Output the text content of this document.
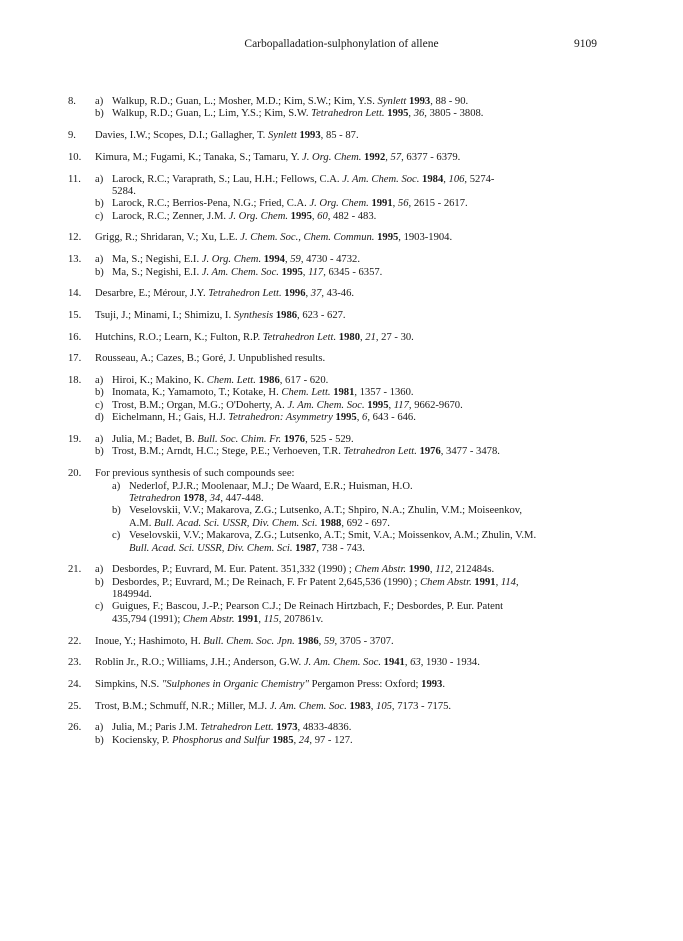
Carbopalladation-sulphonylation of allene	9109
8.	a) Walkup, R.D.; Guan, L.; Mosher, M.D.; Kim, S.W.; Kim, Y.S. Synlett 1993, 88 - 90.
b) Walkup, R.D.; Guan, L.; Lim, Y.S.; Kim, S.W. Tetrahedron Lett. 1995, 36, 3805 - 3808.
9.	Davies, I.W.; Scopes, D.I.; Gallagher, T. Synlett 1993, 85 - 87.
10.	Kimura, M.; Fugami, K.; Tanaka, S.; Tamaru, Y. J. Org. Chem. 1992, 57, 6377 - 6379.
11.	a) Larock, R.C.; Varaprath, S.; Lau, H.H.; Fellows, C.A. J. Am. Chem. Soc. 1984, 106, 5274-
5284.
b) Larock, R.C.; Berrios-Pena, N.G.; Fried, C.A. J. Org. Chem. 1991, 56, 2615 - 2617.
c) Larock, R.C.; Zenner, J.M. J. Org. Chem. 1995, 60, 482 - 483.
12.	Grigg, R.; Shridaran, V.; Xu, L.E. J. Chem. Soc., Chem. Commun. 1995, 1903-1904.
13.	a) Ma, S.; Negishi, E.I. J. Org. Chem. 1994, 59, 4730 - 4732.
b) Ma, S.; Negishi, E.I. J. Am. Chem. Soc. 1995, 117, 6345 - 6357.
14.	Desarbre, E.; Mérour, J.Y. Tetrahedron Lett. 1996, 37, 43-46.
15.	Tsuji, J.; Minami, I.; Shimizu, I. Synthesis 1986, 623 - 627.
16.	Hutchins, R.O.; Learn, K.; Fulton, R.P. Tetrahedron Lett. 1980, 21, 27 - 30.
17.	Rousseau, A.; Cazes, B.; Goré, J. Unpublished results.
18.	a) Hiroi, K.; Makino, K. Chem. Lett. 1986, 617 - 620.
b) Inomata, K.; Yamamoto, T.; Kotake, H. Chem. Lett. 1981, 1357 - 1360.
c) Trost, B.M.; Organ, M.G.; O'Doherty, A. J. Am. Chem. Soc. 1995, 117, 9662-9670.
d) Eichelmann, H.; Gais, H.J. Tetrahedron: Asymmetry 1995, 6, 643 - 646.
19.	a) Julia, M.; Badet, B. Bull. Soc. Chim. Fr. 1976, 525 - 529.
b) Trost, B.M.; Arndt, H.C.; Stege, P.E.; Verhoeven, T.R. Tetrahedron Lett. 1976, 3477 - 3478.
20.	For previous synthesis of such compounds see:
a) Nederlof, P.J.R.; Moolenaar, M.J.; De Waard, E.R.; Huisman, H.O.
Tetrahedron 1978, 34, 447-448.
b) Veselovskii, V.V.; Makarova, Z.G.; Lutsenko, A.T.; Shpiro, N.A.; Zhulin, V.M.; Moiseenkov,
A.M. Bull. Acad. Sci. USSR, Div. Chem. Sci. 1988, 692 - 697.
c) Veselovskii, V.V.; Makarova, Z.G.; Lutsenko, A.T.; Smit, V.A.; Moissenkov, A.M.; Zhulin, V.M.
Bull. Acad. Sci. USSR, Div. Chem. Sci. 1987, 738 - 743.
21.	a) Desbordes, P.; Euvrard, M. Eur. Patent. 351,332 (1990) ; Chem Abstr. 1990, 112, 212484s.
b) Desbordes, P.; Euvrard, M.; De Reinach, F. Fr Patent 2,645,536 (1990) ; Chem Abstr. 1991, 114,
184994d.
c) Guigues, F.; Bascou, J.-P.; Pearson C.J.; De Reinach Hirtzbach, F.; Desbordes, P. Eur. Patent
435,794 (1991); Chem Abstr. 1991, 115, 207861v.
22.	Inoue, Y.; Hashimoto, H. Bull. Chem. Soc. Jpn. 1986, 59, 3705 - 3707.
23.	Roblin Jr., R.O.; Williams, J.H.; Anderson, G.W. J. Am. Chem. Soc. 1941, 63, 1930 - 1934.
24.	Simpkins, N.S. "Sulphones in Organic Chemistry" Pergamon Press: Oxford; 1993.
25.	Trost, B.M.; Schmuff, N.R.; Miller, M.J. J. Am. Chem. Soc. 1983, 105, 7173 - 7175.
26.	a) Julia, M.; Paris J.M. Tetrahedron Lett. 1973, 4833-4836.
b) Kociensky, P. Phosphorus and Sulfur 1985, 24, 97 - 127.
